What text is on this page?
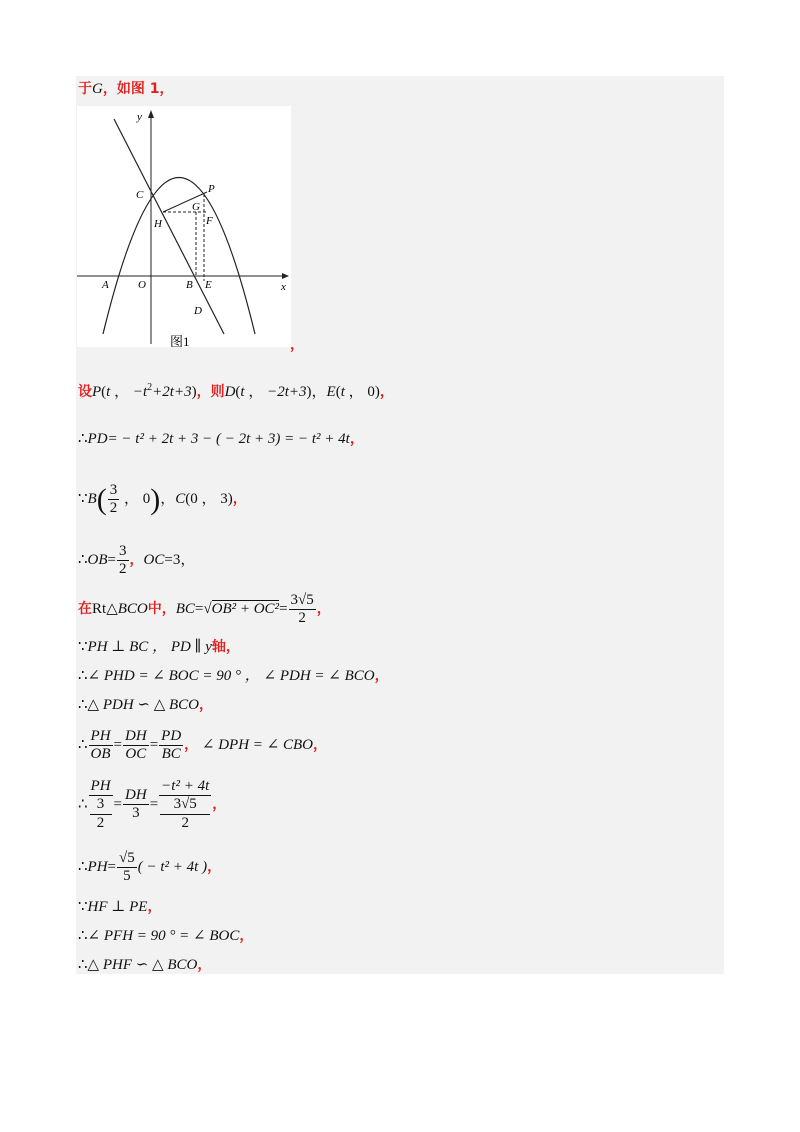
于G，如图 1，
y
x
C	P
G
H	F
A	O	B E
D
图1	，
设P(t ， $-t^2+2t+3$)，则D(t ， −2t+3)，E(t ， 0)，
∴PD= − t² + 2t + 3 − ( − 2t + 3) = − t² + 4t，
∵B( $\frac{3}{2}$ ， 0)，C(0 ， 3)，
∴OB= $\frac{3}{2}$ ，OC=3，
在Rt△BCO中，$BC=√OB^2 + OC^2= \frac{3√5}{2}$ ，
∵PH ⊥ BC ， PD ∥ y轴，
∴∠ PHD = ∠ BOC = 90 ° ， ∠ PDH = ∠ BCO，
∴△ PDH ∽ △ BCO，
∴ $\frac{PH}{OB} = \frac{DH}{OC} = \frac{PD}{BC}$ ， ∠ DPH = ∠ CBO，
∴ PH
3
$2 = \frac{DH}{3} = -t^2 + 4t$
3√5
2 ，
∴PH= $\frac{√5}{5}$ ( − t² + 4t )，
∵HF ⊥ PE，
∴∠ PFH = 90 ° = ∠ BOC，
∴△ PHF ∽ △ BCO，
